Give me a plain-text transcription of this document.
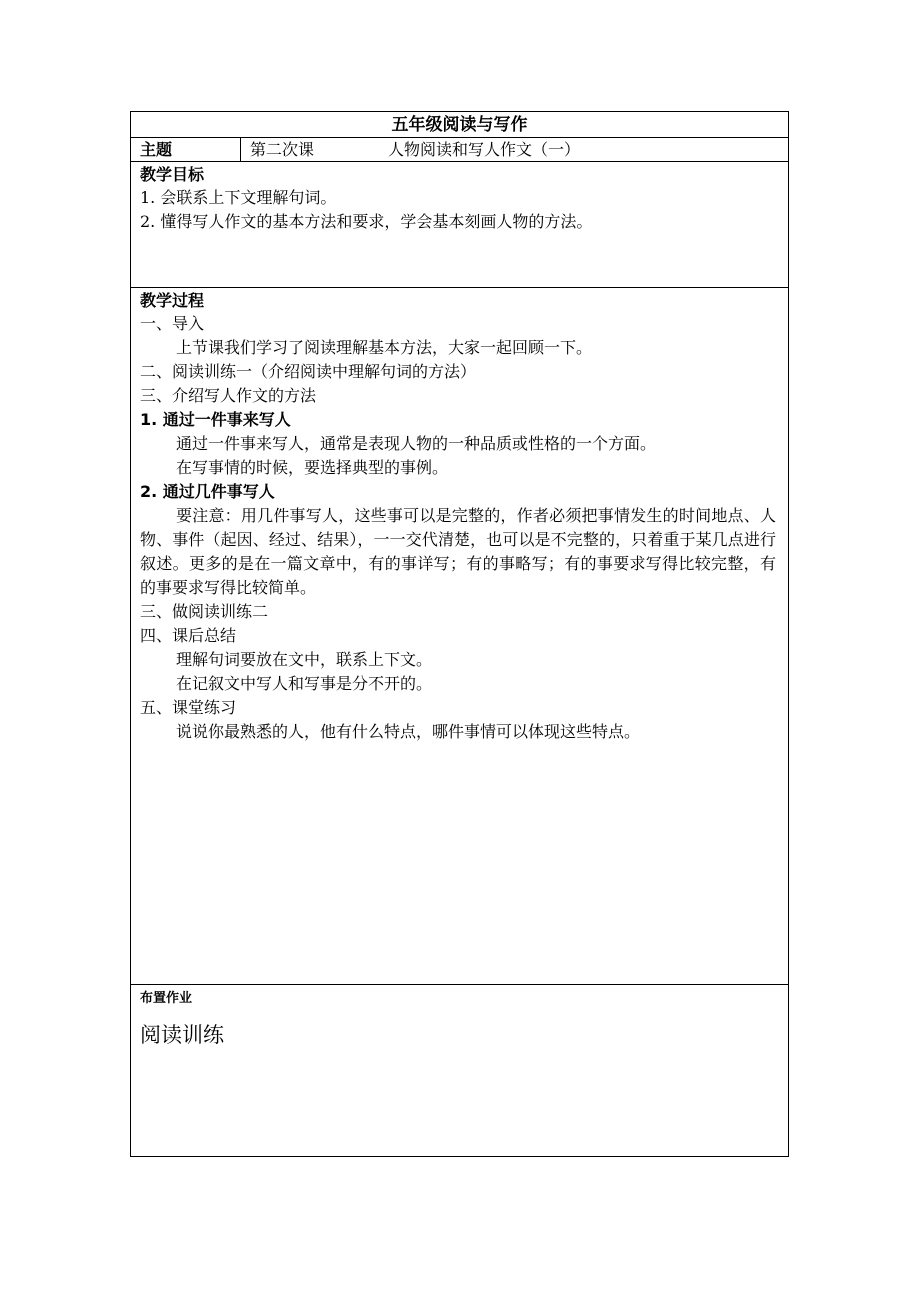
五年级阅读与写作
主题	第二次课	人物阅读和写人作文（一）
教学目标
1. 会联系上下文理解句词。
2. 懂得写人作文的基本方法和要求，学会基本刻画人物的方法。
教学过程
一、导入
上节课我们学习了阅读理解基本方法，大家一起回顾一下。
二、阅读训练一（介绍阅读中理解句词的方法）
三、介绍写人作文的方法
1. 通过一件事来写人
通过一件事来写人，通常是表现人物的一种品质或性格的一个方面。
在写事情的时候，要选择典型的事例。
2. 通过几件事写人
要注意：用几件事写人，这些事可以是完整的，作者必须把事情发生的时间地点、人物、事件（起因、经过、结果），一一交代清楚，也可以是不完整的，只着重于某几点进行叙述。更多的是在一篇文章中，有的事详写；有的事略写；有的事要求写得比较完整，有的事要求写得比较简单。
三、做阅读训练二
四、课后总结
理解句词要放在文中，联系上下文。
在记叙文中写人和写事是分不开的。
五、课堂练习
说说你最熟悉的人，他有什么特点，哪件事情可以体现这些特点。
布置作业
阅读训练
